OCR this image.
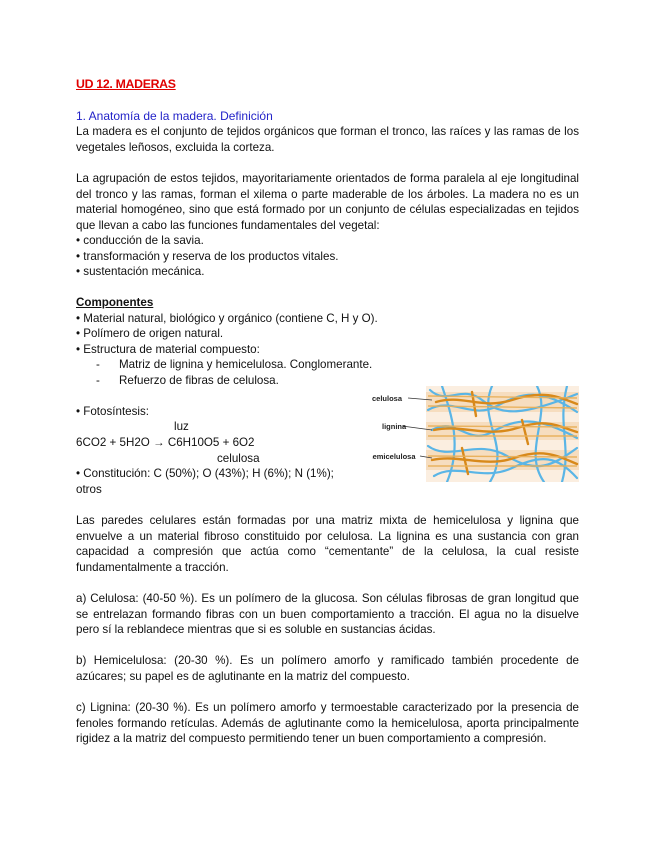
UD 12. MADERAS
1. Anatomía de la madera. Definición

La madera es el conjunto de tejidos orgánicos que forman el tronco, las raíces y las ramas de los vegetales leñosos, excluida la corteza.

La agrupación de estos tejidos, mayoritariamente orientados de forma paralela al eje longitudinal del tronco y las ramas, forman el xilema o parte maderable de los árboles. La madera no es un material homogéneo, sino que está formado por un conjunto de células especializadas en tejidos que llevan a cabo las funciones fundamentales del vegetal:

• conducción de la savia.
• transformación y reserva de los productos vitales.
• sustentación mecánica.
Componentes
• Material natural, biológico y orgánico (contiene C, H y O).
• Polímero de origen natural.
• Estructura de material compuesto:
- Matriz de lignina y hemicelulosa. Conglomerante.
- Refuerzo de fibras de celulosa.
• Fotosíntesis:
luz
6CO2 + 5H2O → C6H10O5 + 6O2
celulosa
• Constitución: C (50%); O (43%); H (6%); N (1%);
otros
celulosa
lignina
hemicelulosa

Las paredes celulares están formadas por una matriz mixta de hemicelulosa y lignina que envuelve a un material fibroso constituido por celulosa. La lignina es una sustancia con gran capacidad a compresión que actúa como “cementante” de la celulosa, la cual resiste fundamentalmente a tracción.

a) Celulosa: (40-50 %). Es un polímero de la glucosa. Son células fibrosas de gran longitud que se entrelazan formando fibras con un buen comportamiento a tracción. El agua no la disuelve pero sí la reblandece mientras que si es soluble en sustancias ácidas.

b) Hemicelulosa: (20-30 %). Es un polímero amorfo y ramificado también procedente de azúcares; su papel es de aglutinante en la matriz del compuesto.

c) Lignina: (20-30 %). Es un polímero amorfo y termoestable caracterizado por la presencia de fenoles formando retículas. Además de aglutinante como la hemicelulosa, aporta principalmente rigidez a la matriz del compuesto permitiendo tener un buen comportamiento a compresión.
